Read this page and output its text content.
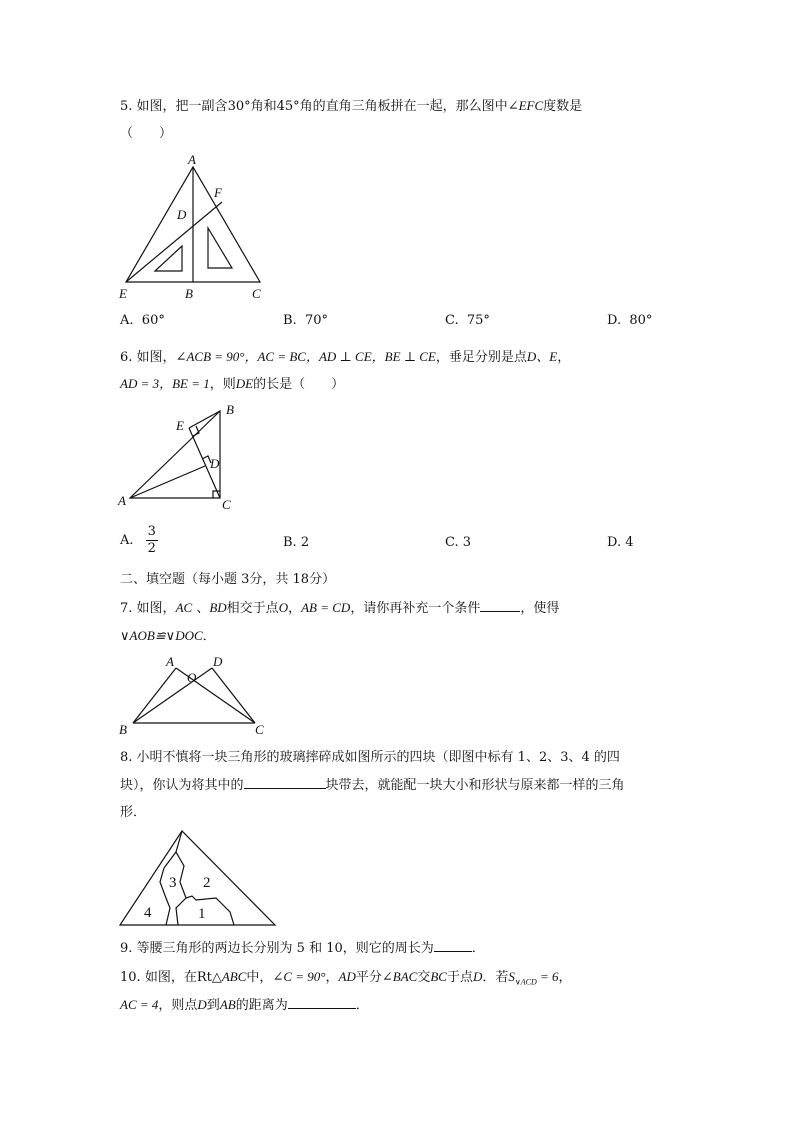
5. 如图，把一副含30°角和45°角的直角三角板拼在一起，那么图中∠EFC度数是
（　　）
A
F
D
E	B	C
A. 60°	B. 70°	C. 75°	D. 80°
6. 如图，∠ACB = 90°，AC = BC，AD ⊥ CE，BE ⊥ CE，垂足分别是点D、E，
AD = 3，BE = 1，则DE的长是（　　）
A
B
C
D
E
A. $\frac{3}{2}$	B. 2	C. 3	D. 4
二、填空题（每小题 3分，共 18分）
7. 如图，AC 、BD相交于点O，AB = CD，请你再补充一个条件	，使得
∨AOB≌∨DOC．
A	D
O
B	C
8. 小明不慎将一块三角形的玻璃摔碎成如图所示的四块（即图中标有 1、2、3、4 的四
块），你认为将其中的	块带去，就能配一块大小和形状与原来都一样的三角
形．
1
2
3
4
9. 等腰三角形的两边长分别为 5 和 10，则它的周长为	．
10. 如图，在Rt△ABC中，∠C = 90°，AD平分∠BAC交BC于点D．若$S_{\vee ACD} = 6$，
AC = 4，则点D到AB的距离为	．
